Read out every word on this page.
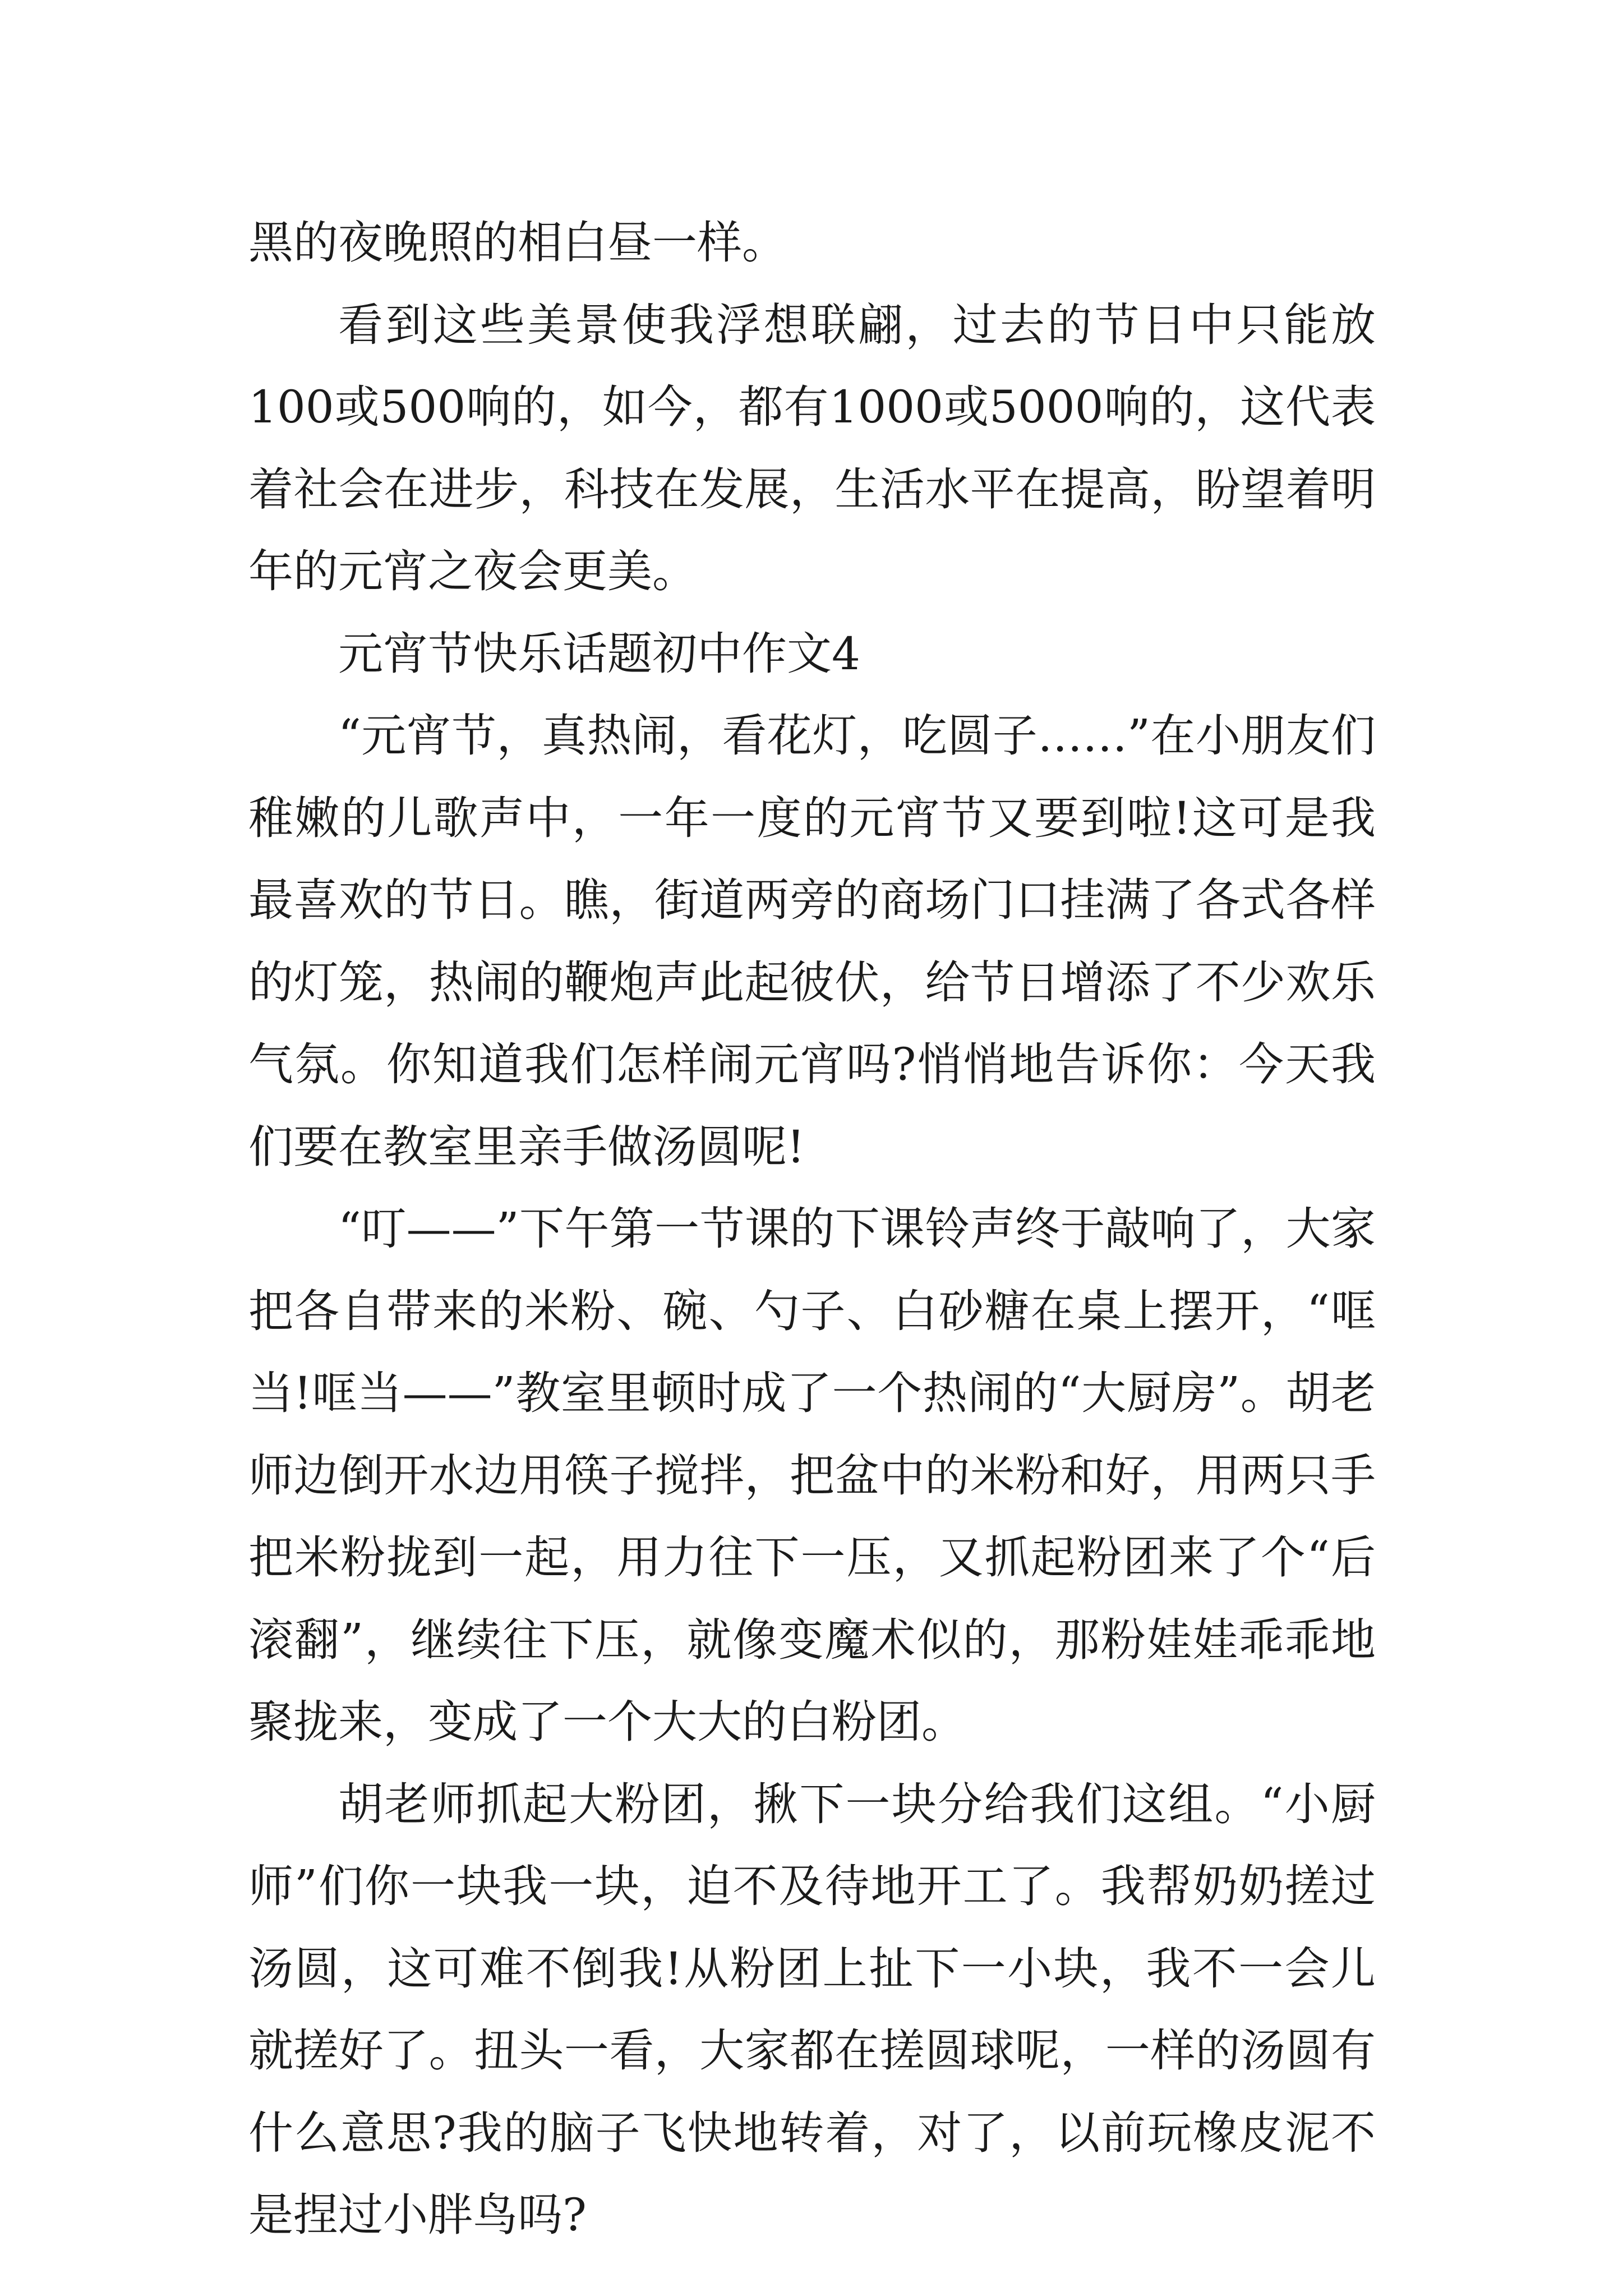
黑的夜晚照的相白昼一样。

看到这些美景使我浮想联翩，过去的节日中只能放100或500响的，如今，都有1000或5000响的，这代表着社会在进步，科技在发展，生活水平在提高，盼望着明年的元宵之夜会更美。

元宵节快乐话题初中作文4

“元宵节，真热闹，看花灯，吃圆子……”在小朋友们稚嫩的儿歌声中，一年一度的元宵节又要到啦!这可是我最喜欢的节日。瞧，街道两旁的商场门口挂满了各式各样的灯笼，热闹的鞭炮声此起彼伏，给节日增添了不少欢乐气氛。你知道我们怎样闹元宵吗?悄悄地告诉你：今天我们要在教室里亲手做汤圆呢!

“叮——”下午第一节课的下课铃声终于敲响了，大家把各自带来的米粉、碗、勺子、白砂糖在桌上摆开，“哐当!哐当——”教室里顿时成了一个热闹的“大厨房”。胡老师边倒开水边用筷子搅拌，把盆中的米粉和好，用两只手把米粉拢到一起，用力往下一压，又抓起粉团来了个“后滚翻”，继续往下压，就像变魔术似的，那粉娃娃乖乖地聚拢来，变成了一个大大的白粉团。

胡老师抓起大粉团，揪下一块分给我们这组。“小厨师”们你一块我一块，迫不及待地开工了。我帮奶奶搓过汤圆，这可难不倒我!从粉团上扯下一小块，我不一会儿就搓好了。扭头一看，大家都在搓圆球呢，一样的汤圆有什么意思?我的脑子飞快地转着，对了，以前玩橡皮泥不是捏过小胖鸟吗?
